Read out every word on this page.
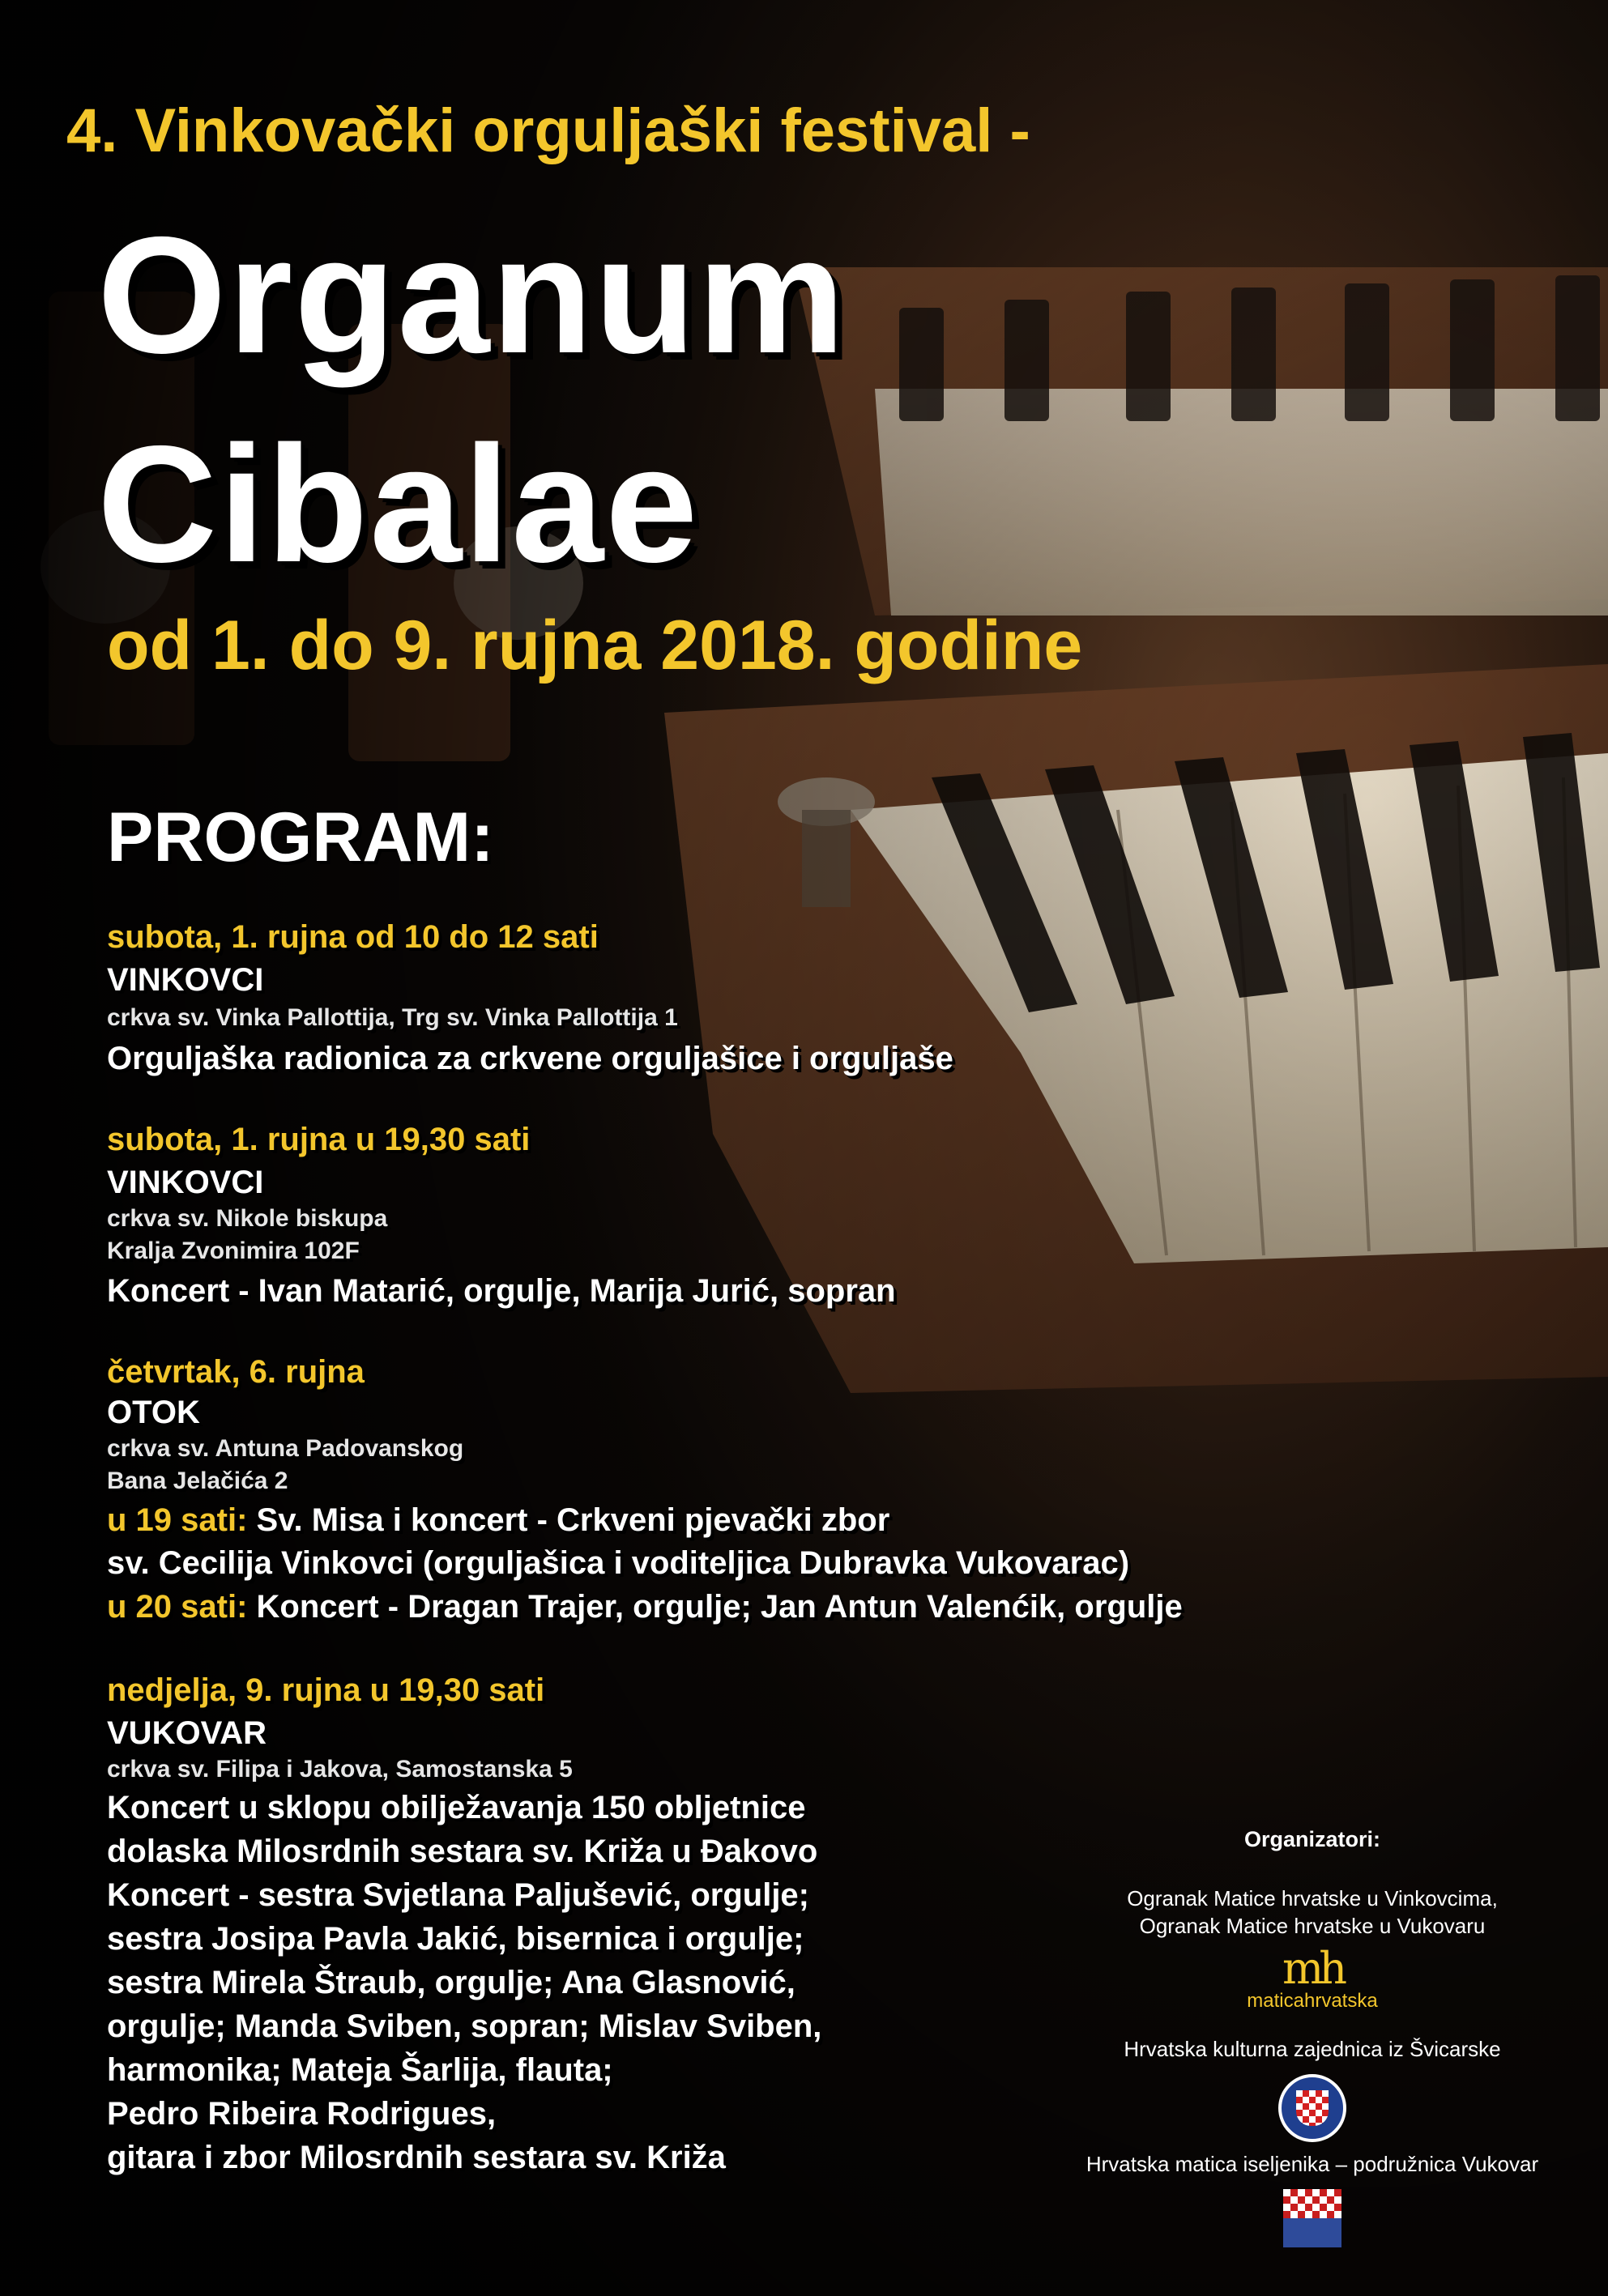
4. Vinkovački orguljaški festival -

Organum

Cibalae

od 1. do 9. rujna 2018. godine

PROGRAM:

subota, 1. rujna od 10 do 12 sati

VINKOVCI

crkva sv. Vinka Pallottija, Trg sv. Vinka Pallottija 1

Orguljaška radionica za crkvene orguljašice i orguljaše

subota, 1. rujna u 19,30 sati

VINKOVCI

crkva sv. Nikole biskupa

Kralja Zvonimira 102F

Koncert - Ivan Matarić, orgulje, Marija Jurić, sopran

četvrtak, 6. rujna

OTOK

crkva sv. Antuna Padovanskog

Bana Jelačića 2

u 19 sati: Sv. Misa i koncert - Crkveni pjevački zbor

sv. Cecilija Vinkovci (orguljašica i voditeljica Dubravka Vukovarac)

u 20 sati: Koncert - Dragan Trajer, orgulje; Jan Antun Valenćik, orgulje

nedjelja, 9. rujna u 19,30 sati

VUKOVAR

crkva sv. Filipa i Jakova, Samostanska 5

Koncert u sklopu obilježavanja 150 obljetnice

dolaska Milosrdnih sestara sv. Križa u Đakovo

Koncert - sestra Svjetlana Paljušević, orgulje;

sestra Josipa Pavla Jakić, bisernica i orgulje;

sestra Mirela Štraub, orgulje; Ana Glasnović,

orgulje; Manda Sviben, sopran; Mislav Sviben,

harmonika; Mateja Šarlija, flauta;

Pedro Ribeira Rodrigues,

gitara i zbor Milosrdnih sestara sv. Križa

Organizatori:
Ogranak Matice hrvatske u Vinkovcima,
Ogranak Matice hrvatske u Vukovaru
mh
maticahrvatska
Hrvatska kulturna zajednica iz Švicarske
Hrvatska matica iseljenika – podružnica Vukovar
